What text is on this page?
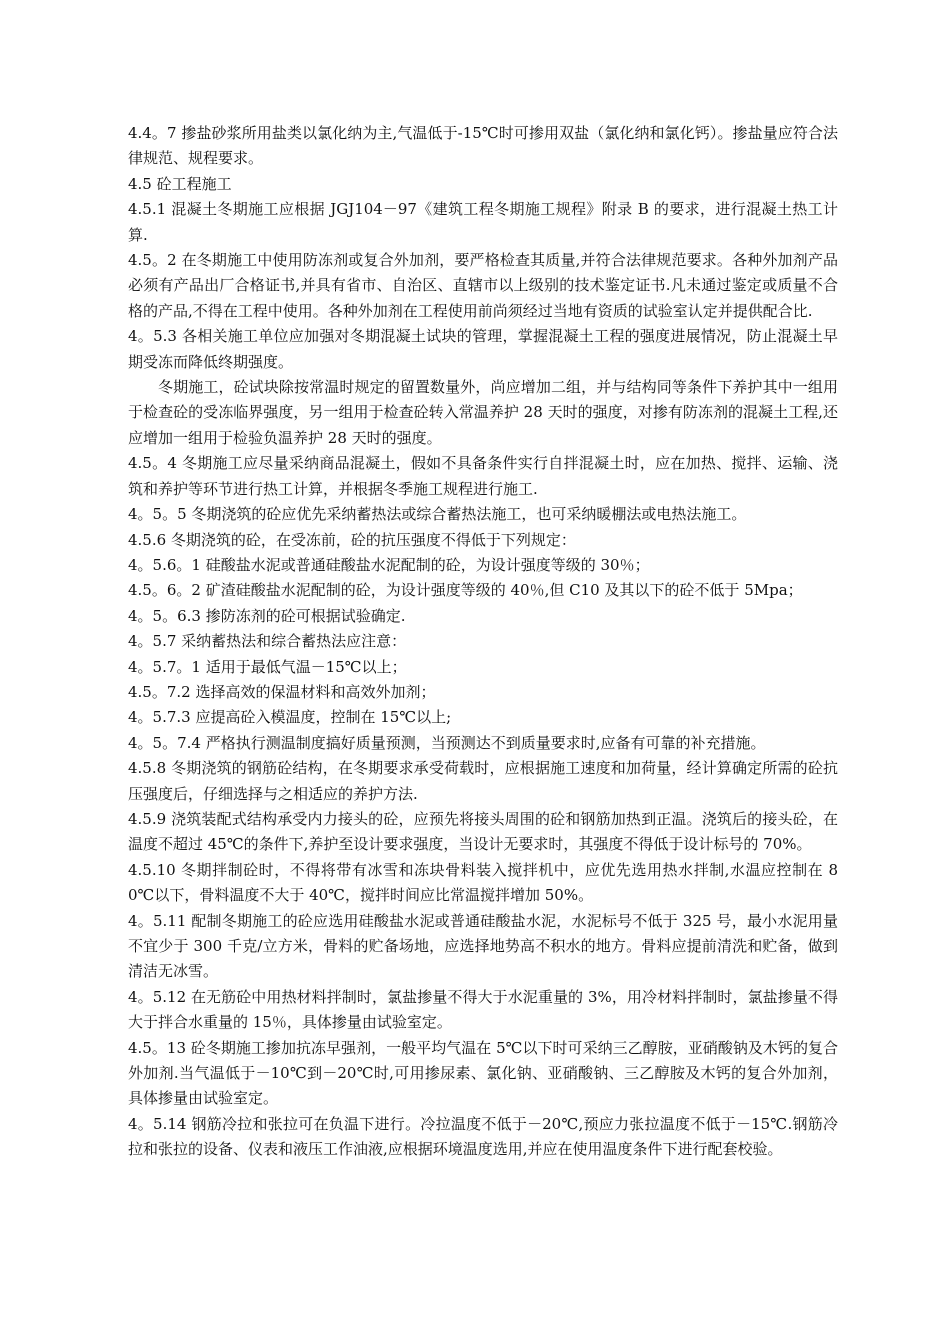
4.4。7 掺盐砂浆所用盐类以氯化纳为主,气温低于-15℃时可掺用双盐（氯化纳和氯化钙）。掺盐量应符合法律规范、规程要求。

4.5 砼工程施工

4.5.1 混凝土冬期施工应根据 JGJ104－97《建筑工程冬期施工规程》附录 B 的要求，进行混凝土热工计算.

4.5。2 在冬期施工中使用防冻剂或复合外加剂，要严格检查其质量,并符合法律规范要求。各种外加剂产品必须有产品出厂合格证书,并具有省市、自治区、直辖市以上级别的技术鉴定证书.凡未通过鉴定或质量不合格的产品,不得在工程中使用。各种外加剂在工程使用前尚须经过当地有资质的试验室认定并提供配合比.

4。5.3 各相关施工单位应加强对冬期混凝土试块的管理，掌握混凝土工程的强度进展情况，防止混凝土早期受冻而降低终期强度。

冬期施工，砼试块除按常温时规定的留置数量外，尚应增加二组，并与结构同等条件下养护其中一组用于检查砼的受冻临界强度，另一组用于检查砼转入常温养护 28 天时的强度，对掺有防冻剂的混凝土工程,还应增加一组用于检验负温养护 28 天时的强度。

4.5。4 冬期施工应尽量采纳商品混凝土，假如不具备条件实行自拌混凝土时，应在加热、搅拌、运输、浇筑和养护等环节进行热工计算，并根据冬季施工规程进行施工.

4。5。5 冬期浇筑的砼应优先采纳蓄热法或综合蓄热法施工，也可采纳暖棚法或电热法施工。

4.5.6 冬期浇筑的砼，在受冻前，砼的抗压强度不得低于下列规定：

4。5.6。1 硅酸盐水泥或普通硅酸盐水泥配制的砼，为设计强度等级的 30％；

4.5。6。2 矿渣硅酸盐水泥配制的砼，为设计强度等级的 40％,但 C10 及其以下的砼不低于 5Mpa；

4。5。6.3 掺防冻剂的砼可根据试验确定.

4。5.7 采纳蓄热法和综合蓄热法应注意：

4。5.7。1 适用于最低气温－15℃以上；

4.5。7.2 选择高效的保温材料和高效外加剂；

4。5.7.3 应提高砼入模温度，控制在 15℃以上;

4。5。7.4 严格执行测温制度搞好质量预测，当预测达不到质量要求时,应备有可靠的补充措施。

4.5.8 冬期浇筑的钢筋砼结构，在冬期要求承受荷载时，应根据施工速度和加荷量，经计算确定所需的砼抗压强度后，仔细选择与之相适应的养护方法.

4.5.9 浇筑装配式结构承受内力接头的砼，应预先将接头周围的砼和钢筋加热到正温。浇筑后的接头砼，在温度不超过 45℃的条件下,养护至设计要求强度，当设计无要求时，其强度不得低于设计标号的 70%。

4.5.10 冬期拌制砼时，不得将带有冰雪和冻块骨料装入搅拌机中，应优先选用热水拌制,水温应控制在 80℃以下，骨料温度不大于 40℃，搅拌时间应比常温搅拌增加 50%。

4。5.11 配制冬期施工的砼应选用硅酸盐水泥或普通硅酸盐水泥，水泥标号不低于 325 号，最小水泥用量不宜少于 300 千克/立方米，骨料的贮备场地，应选择地势高不积水的地方。骨料应提前清洗和贮备，做到清洁无冰雪。

4。5.12 在无筋砼中用热材料拌制时，氯盐掺量不得大于水泥重量的 3%，用冷材料拌制时，氯盐掺量不得大于拌合水重量的 15％，具体掺量由试验室定。

4.5。13 砼冬期施工掺加抗冻早强剂，一般平均气温在 5℃以下时可采纳三乙醇胺，亚硝酸钠及木钙的复合外加剂.当气温低于－10℃到－20℃时,可用掺尿素、氯化钠、亚硝酸钠、三乙醇胺及木钙的复合外加剂，具体掺量由试验室定。

4。5.14 钢筋冷拉和张拉可在负温下进行。冷拉温度不低于－20℃,预应力张拉温度不低于－15℃.钢筋冷拉和张拉的设备、仪表和液压工作油液,应根据环境温度选用,并应在使用温度条件下进行配套校验。
